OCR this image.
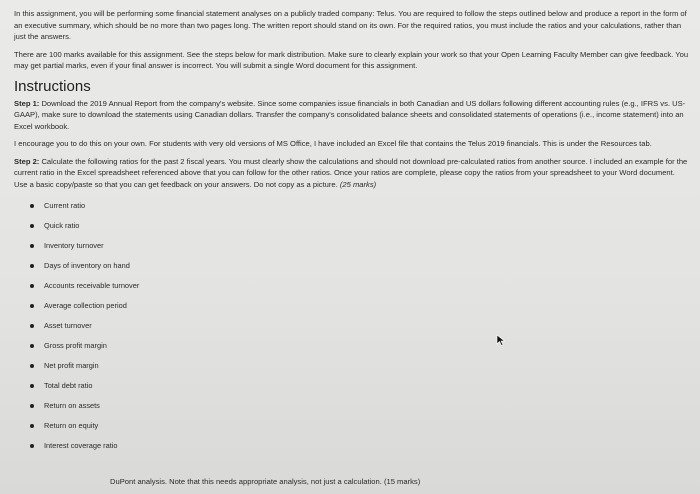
In this assignment, you will be performing some financial statement analyses on a publicly traded company: Telus. You are required to follow the steps outlined below and produce a report in the form of an executive summary, which should be no more than two pages long. The written report should stand on its own. For the required ratios, you must include the ratios and your calculations, rather than just the answers.

There are 100 marks available for this assignment. See the steps below for mark distribution. Make sure to clearly explain your work so that your Open Learning Faculty Member can give feedback. You may get partial marks, even if your final answer is incorrect. You will submit a single Word document for this assignment.

Instructions

Step 1: Download the 2019 Annual Report from the company's website. Since some companies issue financials in both Canadian and US dollars following different accounting rules (e.g., IFRS vs. US-GAAP), make sure to download the statements using Canadian dollars. Transfer the company's consolidated balance sheets and consolidated statements of operations (i.e., income statement) into an Excel workbook.

I encourage you to do this on your own. For students with very old versions of MS Office, I have included an Excel file that contains the Telus 2019 financials. This is under the Resources tab.

Step 2: Calculate the following ratios for the past 2 fiscal years. You must clearly show the calculations and should not download pre-calculated ratios from another source. I included an example for the current ratio in the Excel spreadsheet referenced above that you can follow for the other ratios. Once your ratios are complete, please copy the ratios from your spreadsheet to your Word document. Use a basic copy/paste so that you can get feedback on your answers. Do not copy as a picture. (25 marks)

Current ratio
Quick ratio
Inventory turnover
Days of inventory on hand
Accounts receivable turnover
Average collection period
Asset turnover
Gross profit margin
Net profit margin
Total debt ratio
Return on assets
Return on equity
Interest coverage ratio
DuPont analysis. Note that this needs appropriate analysis, not just a calculation. (15 marks)
